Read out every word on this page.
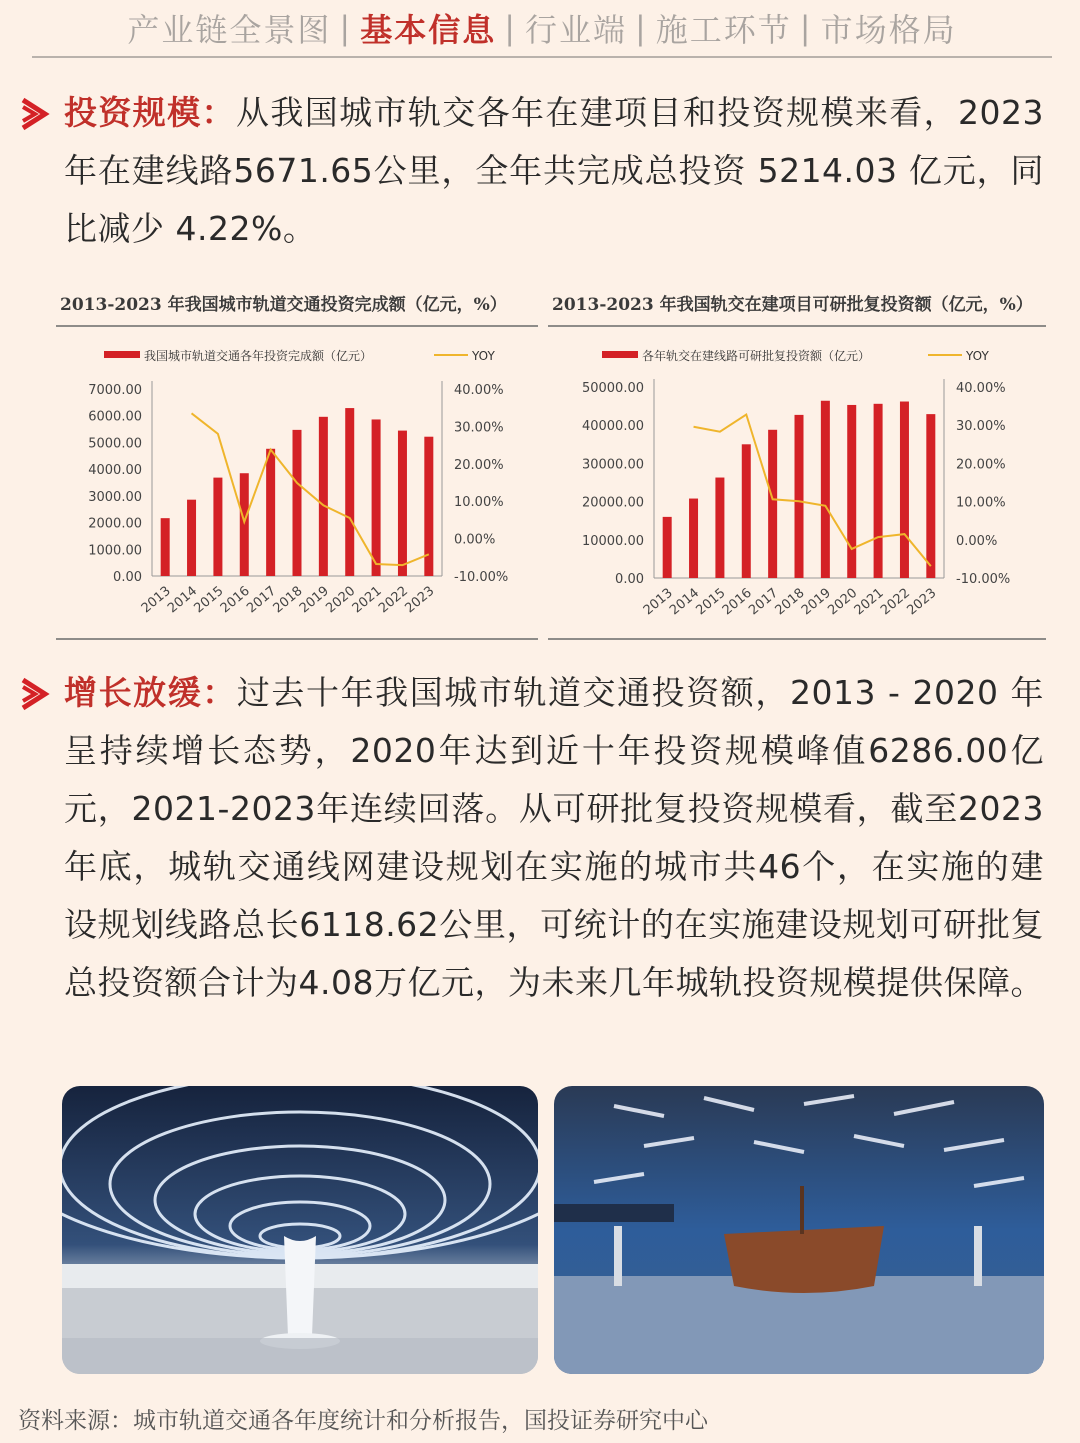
产业链全景图 | 基本信息 | 行业端 | 施工环节 | 市场格局
投资规模：从我国城市轨交各年在建项目和投资规模来看，2023年在建线路5671.65公里，全年共完成总投资 5214.03 亿元，同比减少 4.22%。
2013-2023 年我国城市轨道交通投资完成额（亿元，%）
我国城市轨道交通各年投资完成额（亿元）	YOY
7000.00
6000.00
5000.00
4000.00
3000.00
2000.00
1000.00
0.00
40.00%
30.00%
20.00%
10.00%
0.00%
-10.00%
2013
2014
2015
2016
2017
2018
2019
2020
2021
2022
2023
2013-2023 年我国轨交在建项目可研批复投资额（亿元，%）
各年轨交在建线路可研批复投资额（亿元）	YOY
50000.00
40000.00
30000.00
20000.00
10000.00
0.00
40.00%
30.00%
20.00%
10.00%
0.00%
-10.00%
2013
2014
2015
2016
2017
2018
2019
2020
2021
2022
2023
增长放缓：过去十年我国城市轨道交通投资额，2013 - 2020 年呈持续增长态势，2020年达到近十年投资规模峰值6286.00亿元，2021-2023年连续回落。从可研批复投资规模看，截至2023年底，城轨交通线网建设规划在实施的城市共46个，在实施的建设规划线路总长6118.62公里，可统计的在实施建设规划可研批复总投资额合计为4.08万亿元，为未来几年城轨投资规模提供保障。
资料来源：城市轨道交通各年度统计和分析报告，国投证券研究中心
